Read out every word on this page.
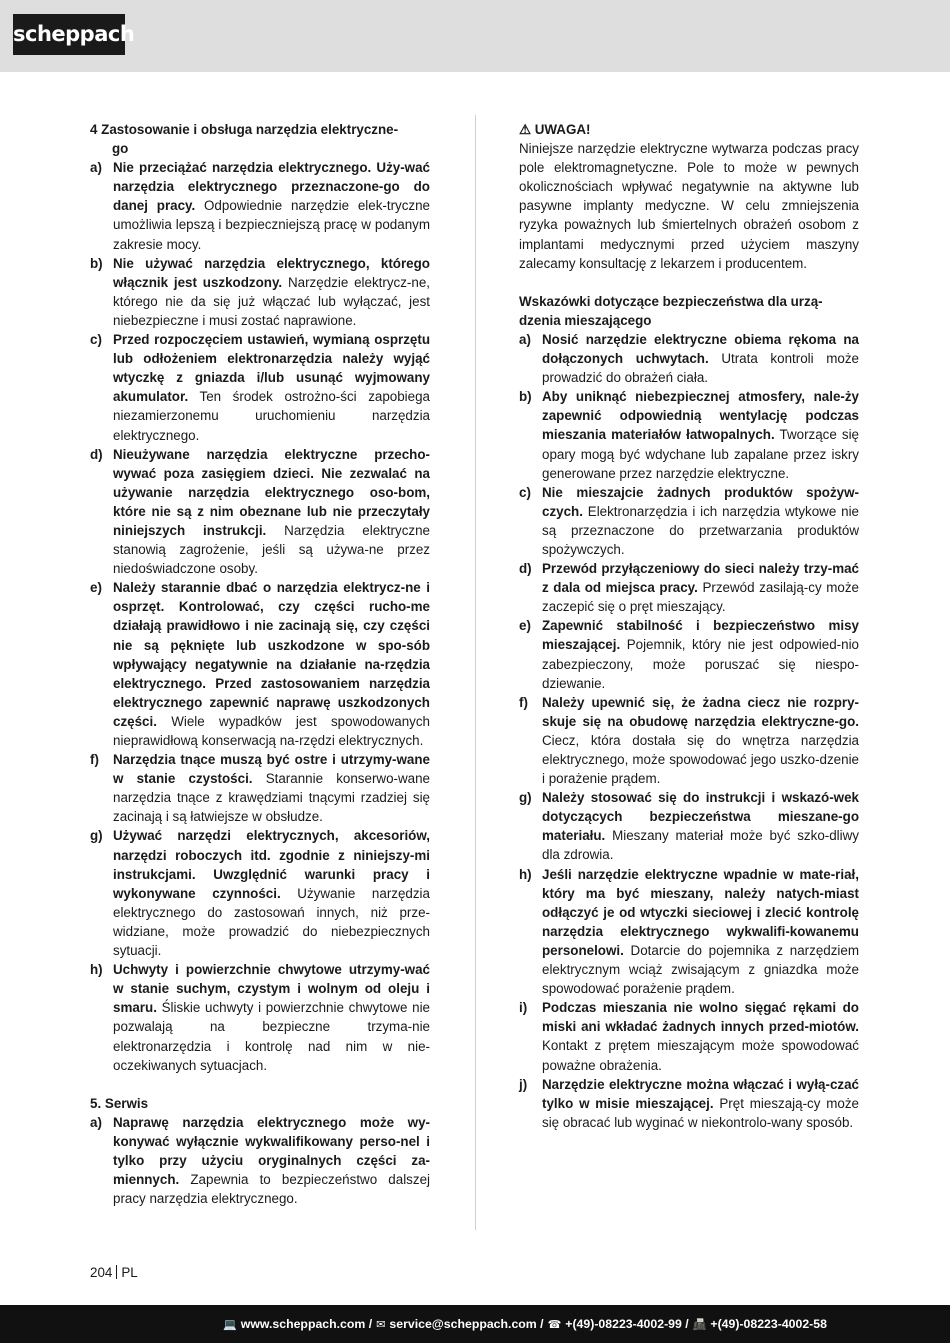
scheppach
4 Zastosowanie i obsługa narzędzia elektryczne-
go
a) Nie przeciążać narzędzia elektrycznego. Uży-wać narzędzia elektrycznego przeznaczone-go do danej pracy. Odpowiednie narzędzie elek-tryczne umożliwia lepszą i bezpieczniejszą pracę w podanym zakresie mocy.
b) Nie używać narzędzia elektrycznego, którego włącznik jest uszkodzony. Narzędzie elektrycz-ne, którego nie da się już włączać lub wyłączać, jest niebezpieczne i musi zostać naprawione.
c) Przed rozpoczęciem ustawień, wymianą osprzętu lub odłożeniem elektronarzędzia należy wyjąć wtyczkę z gniazda i/lub usunąć wyjmowany akumulator. Ten środek ostrożno-ści zapobiega niezamierzonemu uruchomieniu narzędzia elektrycznego.
d) Nieużywane narzędzia elektryczne przecho-wywać poza zasięgiem dzieci. Nie zezwalać na używanie narzędzia elektrycznego oso-bom, które nie są z nim obeznane lub nie przeczytały niniejszych instrukcji. Narzędzia elektryczne stanowią zagrożenie, jeśli są używa-ne przez niedoświadczone osoby.
e) Należy starannie dbać o narzędzia elektrycz-ne i osprzęt. Kontrolować, czy części rucho-me działają prawidłowo i nie zacinają się, czy części nie są pęknięte lub uszkodzone w spo-sób wpływający negatywnie na działanie na-rzędzia elektrycznego. Przed zastosowaniem narzędzia elektrycznego zapewnić naprawę uszkodzonych części. Wiele wypadków jest spowodowanych nieprawidłową konserwacją na-rzędzi elektrycznych.
f)	Narzędzia tnące muszą być ostre i utrzymy-wane w stanie czystości. Starannie konserwo-wane narzędzia tnące z krawędziami tnącymi rzadziej się zacinają i są łatwiejsze w obsłudze.
g) Używać narzędzi elektrycznych, akcesoriów, narzędzi roboczych itd. zgodnie z niniejszy-mi instrukcjami. Uwzględnić warunki pracy i wykonywane czynności. Używanie narzędzia elektrycznego do zastosowań innych, niż prze-widziane, może prowadzić do niebezpiecznych sytuacji.
h) Uchwyty i powierzchnie chwytowe utrzymy-wać w stanie suchym, czystym i wolnym od oleju i smaru. Śliskie uchwyty i powierzchnie chwytowe nie pozwalają na bezpieczne trzyma-nie elektronarzędzia i kontrolę nad nim w nie-oczekiwanych sytuacjach.
5. Serwis
a) Naprawę narzędzia elektrycznego może wy-konywać wyłącznie wykwalifikowany perso-nel i tylko przy użyciu oryginalnych części za-miennych. Zapewnia to bezpieczeństwo dalszej pracy narzędzia elektrycznego.
⚠ UWAGA!
Niniejsze narzędzie elektryczne wytwarza podczas pracy pole elektromagnetyczne. Pole to może w pewnych okolicznościach wpływać negatywnie na aktywne lub pasywne implanty medyczne. W celu zmniejszenia ryzyka poważnych lub śmiertelnych obrażeń osobom z implantami medycznymi przed użyciem maszyny zalecamy konsultację z lekarzem i producentem.
Wskazówki dotyczące bezpieczeństwa dla urzą-dzenia mieszającego
a) Nosić narzędzie elektryczne obiema rękoma na dołączonych uchwytach. Utrata kontroli może prowadzić do obrażeń ciała.
b) Aby uniknąć niebezpiecznej atmosfery, nale-ży zapewnić odpowiednią wentylację podczas mieszania materiałów łatwopalnych. Tworzące się opary mogą być wdychane lub zapalane przez iskry generowane przez narzędzie elektryczne.
c) Nie mieszajcie żadnych produktów spożyw-czych. Elektronarzędzia i ich narzędzia wtykowe nie są przeznaczone do przetwarzania produktów spożywczych.
d) Przewód przyłączeniowy do sieci należy trzy-mać z dala od miejsca pracy. Przewód zasilają-cy może zaczepić się o pręt mieszający.
e) Zapewnić stabilność i bezpieczeństwo misy mieszającej. Pojemnik, który nie jest odpowied-nio zabezpieczony, może poruszać się niespo-dziewanie.
f)	Należy upewnić się, że żadna ciecz nie rozpry-skuje się na obudowę narzędzia elektryczne-go. Ciecz, która dostała się do wnętrza narzędzia elektrycznego, może spowodować jego uszko-dzenie i porażenie prądem.
g) Należy stosować się do instrukcji i wskazó-wek dotyczących bezpieczeństwa mieszane-go materiału. Mieszany materiał może być szko-dliwy dla zdrowia.
h) Jeśli narzędzie elektryczne wpadnie w mate-riał, który ma być mieszany, należy natych-miast odłączyć je od wtyczki sieciowej i zlecić kontrolę narzędzia elektrycznego wykwalifi-kowanemu personelowi. Dotarcie do pojemnika z narzędziem elektrycznym wciąż zwisającym z gniazdka może spowodować porażenie prądem.
i)	Podczas mieszania nie wolno sięgać rękami do miski ani wkładać żadnych innych przed-miotów. Kontakt z prętem mieszającym może spowodować poważne obrażenia.
j)	Narzędzie elektryczne można włączać i wyłą-czać tylko w misie mieszającej. Pręt mieszają-cy może się obracać lub wyginać w niekontrolo-wany sposób.
204 PL
💻 www.scheppach.com / ✉ service@scheppach.com / ☎ +(49)-08223-4002-99 / 📠 +(49)-08223-4002-58
